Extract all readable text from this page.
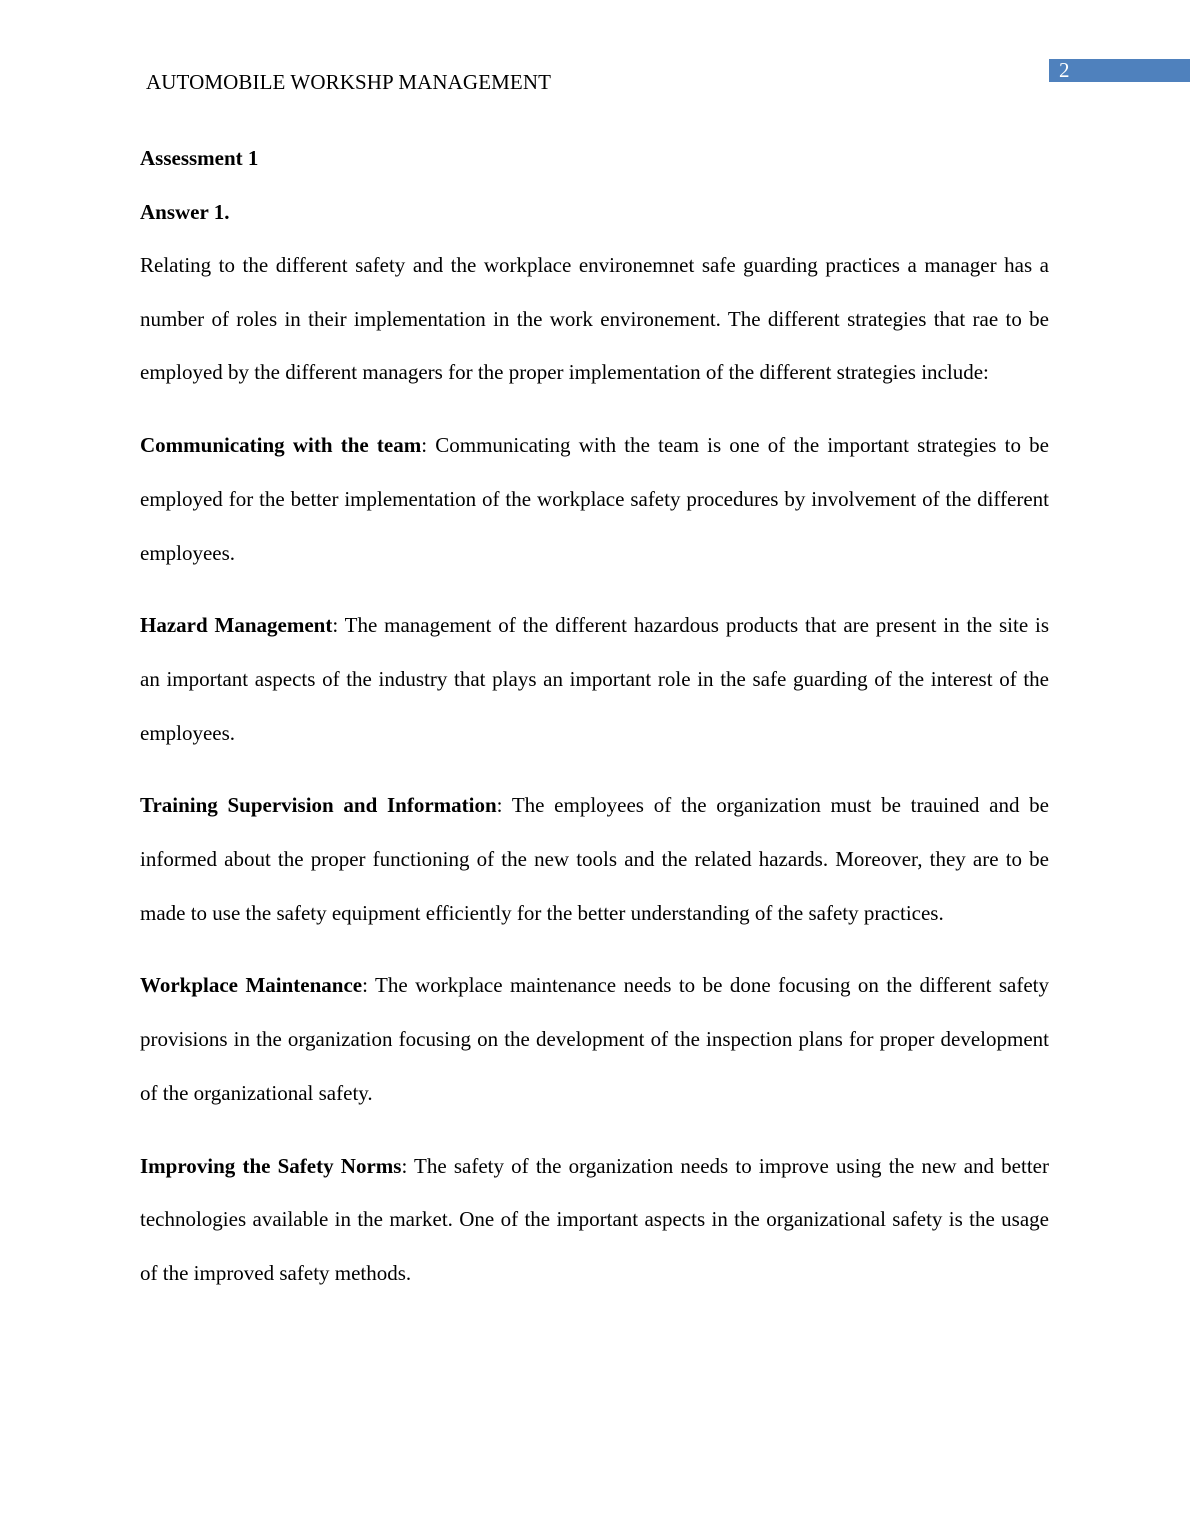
2
AUTOMOBILE WORKSHP MANAGEMENT
Assessment 1
Answer 1.

Relating to the different safety and the workplace environemnet safe guarding practices a manager has a number of roles in their implementation in the work environement. The different strategies that rae to be employed by the different managers for the proper implementation of the different strategies include:

Communicating with the team: Communicating with the team is one of the important strategies to be employed for the better implementation of the workplace safety procedures by involvement of the different employees.

Hazard Management: The management of the different hazardous products that are present in the site is an important aspects of the industry that plays an important role in the safe guarding of the interest of the employees.

Training Supervision and Information: The employees of the organization must be trauined and be informed about the proper functioning of the new tools and the related hazards. Moreover, they are to be made to use the safety equipment efficiently for the better understanding of the safety practices.

Workplace Maintenance: The workplace maintenance needs to be done focusing on the different safety provisions in the organization focusing on the development of the inspection plans for proper development of the organizational safety.

Improving the Safety Norms: The safety of the organization needs to improve using the new and better technologies available in the market. One of the important aspects in the organizational safety is the usage of the improved safety methods.
